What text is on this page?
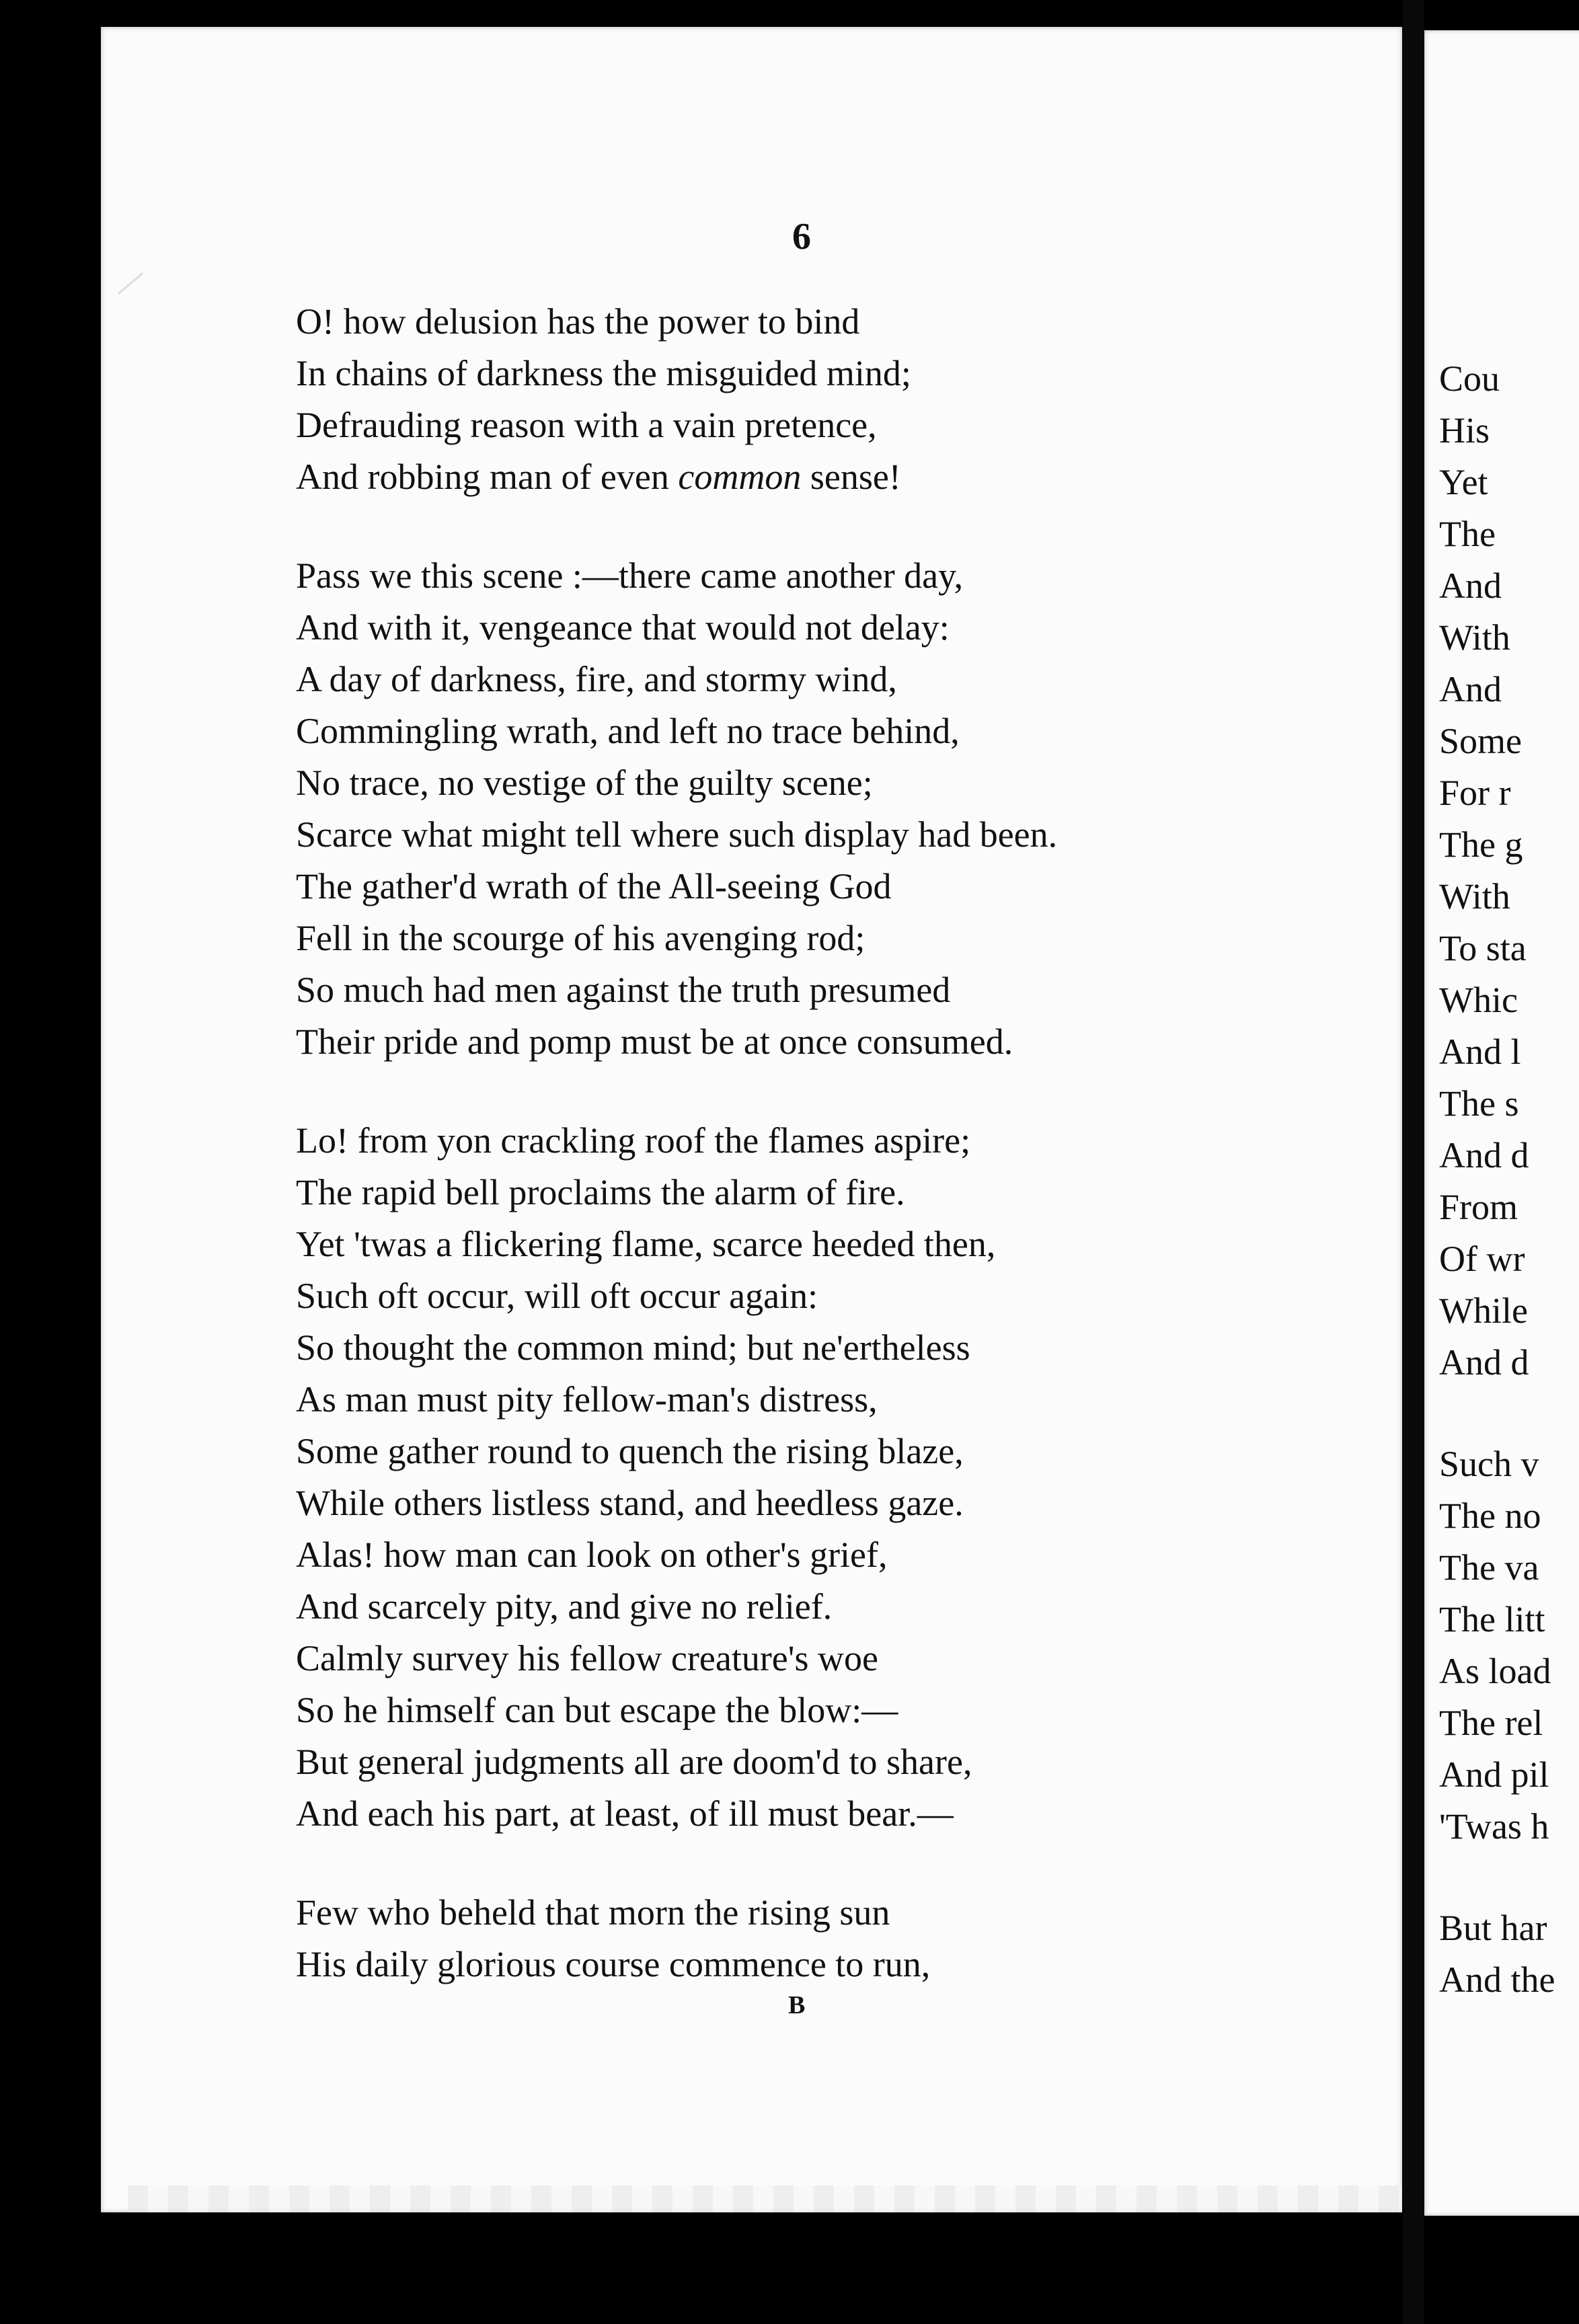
Cou
His
Yet
The
And
With
And
Some
For r
The g
With
To sta
Whic
And l
The s
And d
From
Of wr
While
And d
Such v
The no
The va
The litt
As load
The rel
And pil
'Twas h
But har
And the
6
O! how delusion has the power to bind
In chains of darkness the misguided mind;
Defrauding reason with a vain pretence,
And robbing man of even common sense!
Pass we this scene :—there came another day,
And with it, vengeance that would not delay:
A day of darkness, fire, and stormy wind,
Commingling wrath, and left no trace behind,
No trace, no vestige of the guilty scene;
Scarce what might tell where such display had been.
The gather'd wrath of the All-seeing God
Fell in the scourge of his avenging rod;
So much had men against the truth presumed
Their pride and pomp must be at once consumed.
Lo! from yon crackling roof the flames aspire;
The rapid bell proclaims the alarm of fire.
Yet 'twas a flickering flame, scarce heeded then,
Such oft occur, will oft occur again:
So thought the common mind; but ne'ertheless
As man must pity fellow-man's distress,
Some gather round to quench the rising blaze,
While others listless stand, and heedless gaze.
Alas! how man can look on other's grief,
And scarcely pity, and give no relief.
Calmly survey his fellow creature's woe
So he himself can but escape the blow:—
But general judgments all are doom'd to share,
And each his part, at least, of ill must bear.—
Few who beheld that morn the rising sun
His daily glorious course commence to run,
B
